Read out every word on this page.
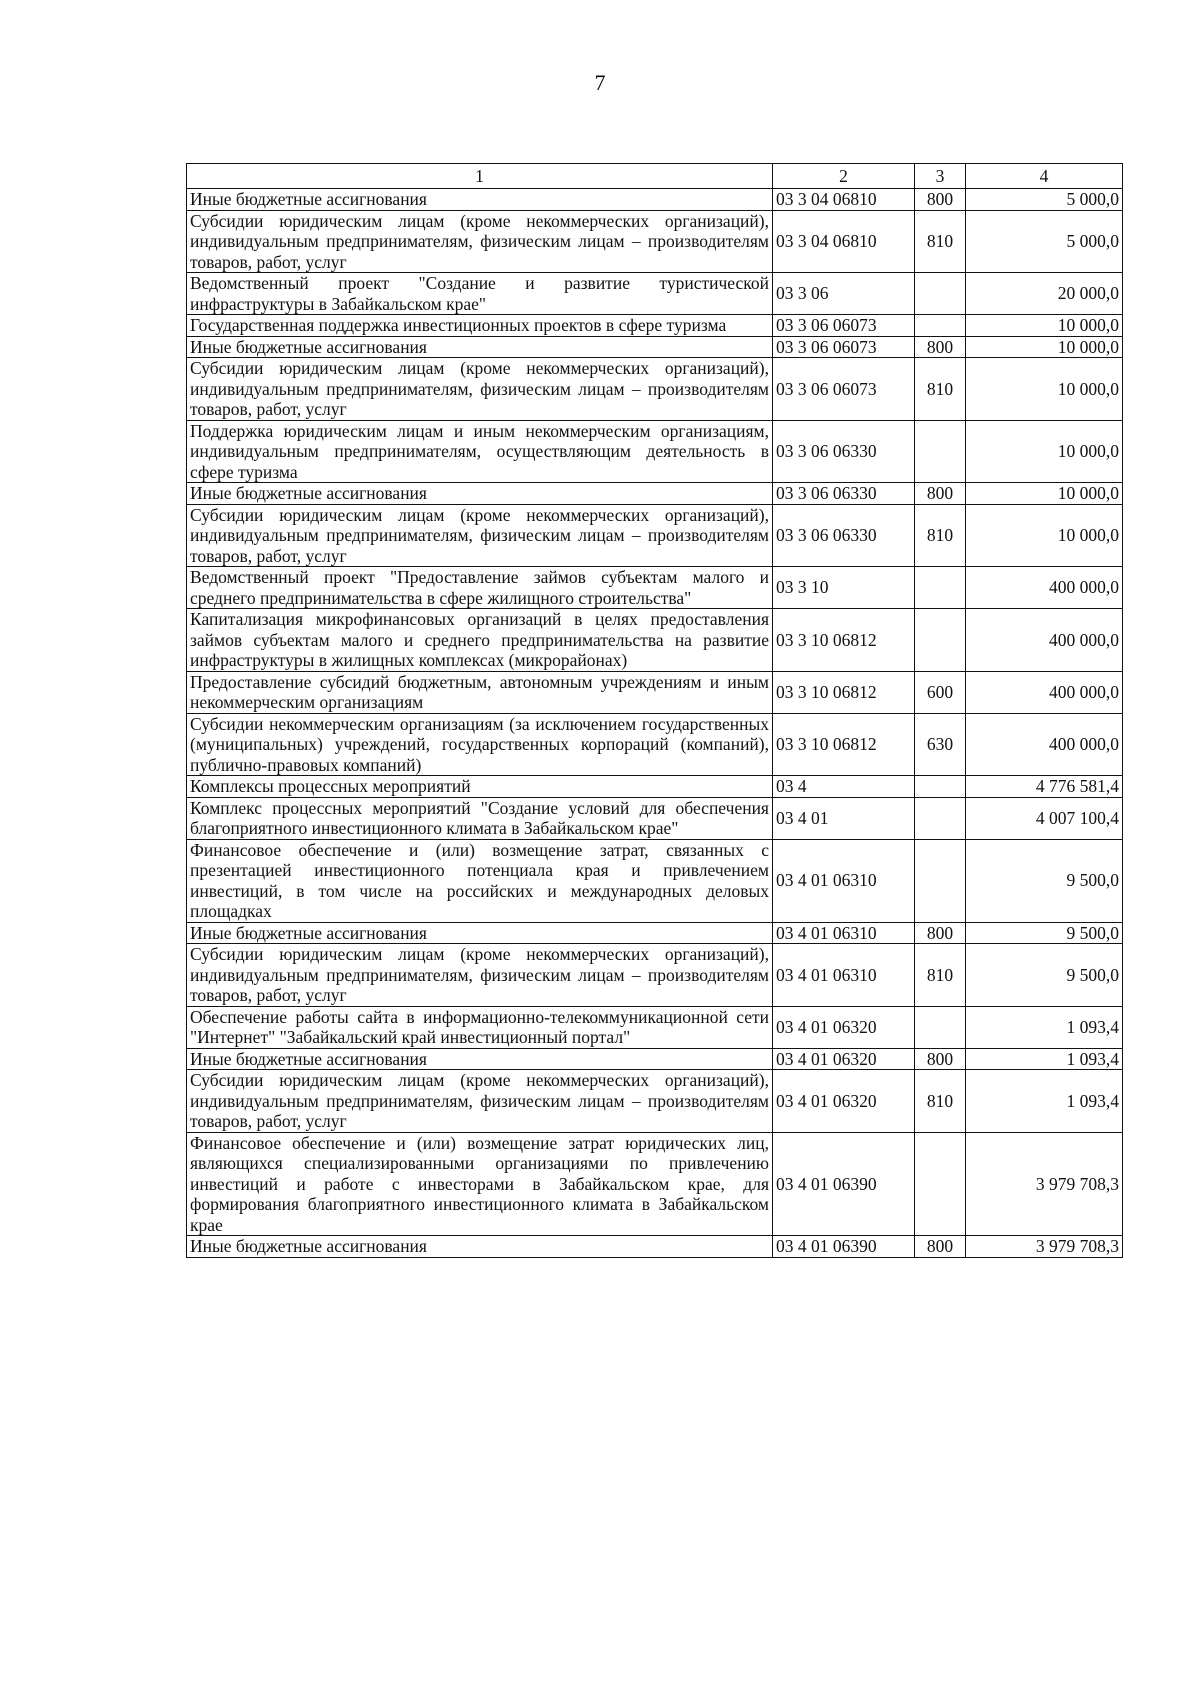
7
1	2	3	4
Иные бюджетные ассигнования	03 3 04 06810	800	5 000,0
Субсидии юридическим лицам (кроме некоммерческих организаций), индивидуальным предпринимателям, физическим лицам – производителям товаров, работ, услуг	03 3 04 06810	810	5 000,0
Ведомственный проект "Создание и развитие туристической инфраструктуры в Забайкальском крае"	03 3 06		20 000,0
Государственная поддержка инвестиционных проектов в сфере туризма	03 3 06 06073		10 000,0
Иные бюджетные ассигнования	03 3 06 06073	800	10 000,0
Субсидии юридическим лицам (кроме некоммерческих организаций), индивидуальным предпринимателям, физическим лицам – производителям товаров, работ, услуг	03 3 06 06073	810	10 000,0
Поддержка юридическим лицам и иным некоммерческим организациям, индивидуальным предпринимателям, осуществляющим деятельность в сфере туризма	03 3 06 06330		10 000,0
Иные бюджетные ассигнования	03 3 06 06330	800	10 000,0
Субсидии юридическим лицам (кроме некоммерческих организаций), индивидуальным предпринимателям, физическим лицам – производителям товаров, работ, услуг	03 3 06 06330	810	10 000,0
Ведомственный проект "Предоставление займов субъектам малого и среднего предпринимательства в сфере жилищного строительства"	03 3 10		400 000,0
Капитализация микрофинансовых организаций в целях предоставления займов субъектам малого и среднего предпринимательства на развитие инфраструктуры в жилищных комплексах (микрорайонах)	03 3 10 06812		400 000,0
Предоставление субсидий бюджетным, автономным учреждениям и иным некоммерческим организациям	03 3 10 06812	600	400 000,0
Субсидии некоммерческим организациям (за исключением государственных (муниципальных) учреждений, государственных корпораций (компаний), публично-правовых компаний)	03 3 10 06812	630	400 000,0
Комплексы процессных мероприятий	03 4		4 776 581,4
Комплекс процессных мероприятий "Создание условий для обеспечения благоприятного инвестиционного климата в Забайкальском крае"	03 4 01		4 007 100,4
Финансовое обеспечение и (или) возмещение затрат, связанных с презентацией инвестиционного потенциала края и привлечением инвестиций, в том числе на российских и международных деловых площадках	03 4 01 06310		9 500,0
Иные бюджетные ассигнования	03 4 01 06310	800	9 500,0
Субсидии юридическим лицам (кроме некоммерческих организаций), индивидуальным предпринимателям, физическим лицам – производителям товаров, работ, услуг	03 4 01 06310	810	9 500,0
Обеспечение работы сайта в информационно-телекоммуникационной сети "Интернет" "Забайкальский край инвестиционный портал"	03 4 01 06320		1 093,4
Иные бюджетные ассигнования	03 4 01 06320	800	1 093,4
Субсидии юридическим лицам (кроме некоммерческих организаций), индивидуальным предпринимателям, физическим лицам – производителям товаров, работ, услуг	03 4 01 06320	810	1 093,4
Финансовое обеспечение и (или) возмещение затрат юридических лиц, являющихся специализированными организациями по привлечению инвестиций и работе с инвесторами в Забайкальском крае, для формирования благоприятного инвестиционного климата в Забайкальском крае	03 4 01 06390		3 979 708,3
Иные бюджетные ассигнования	03 4 01 06390	800	3 979 708,3
